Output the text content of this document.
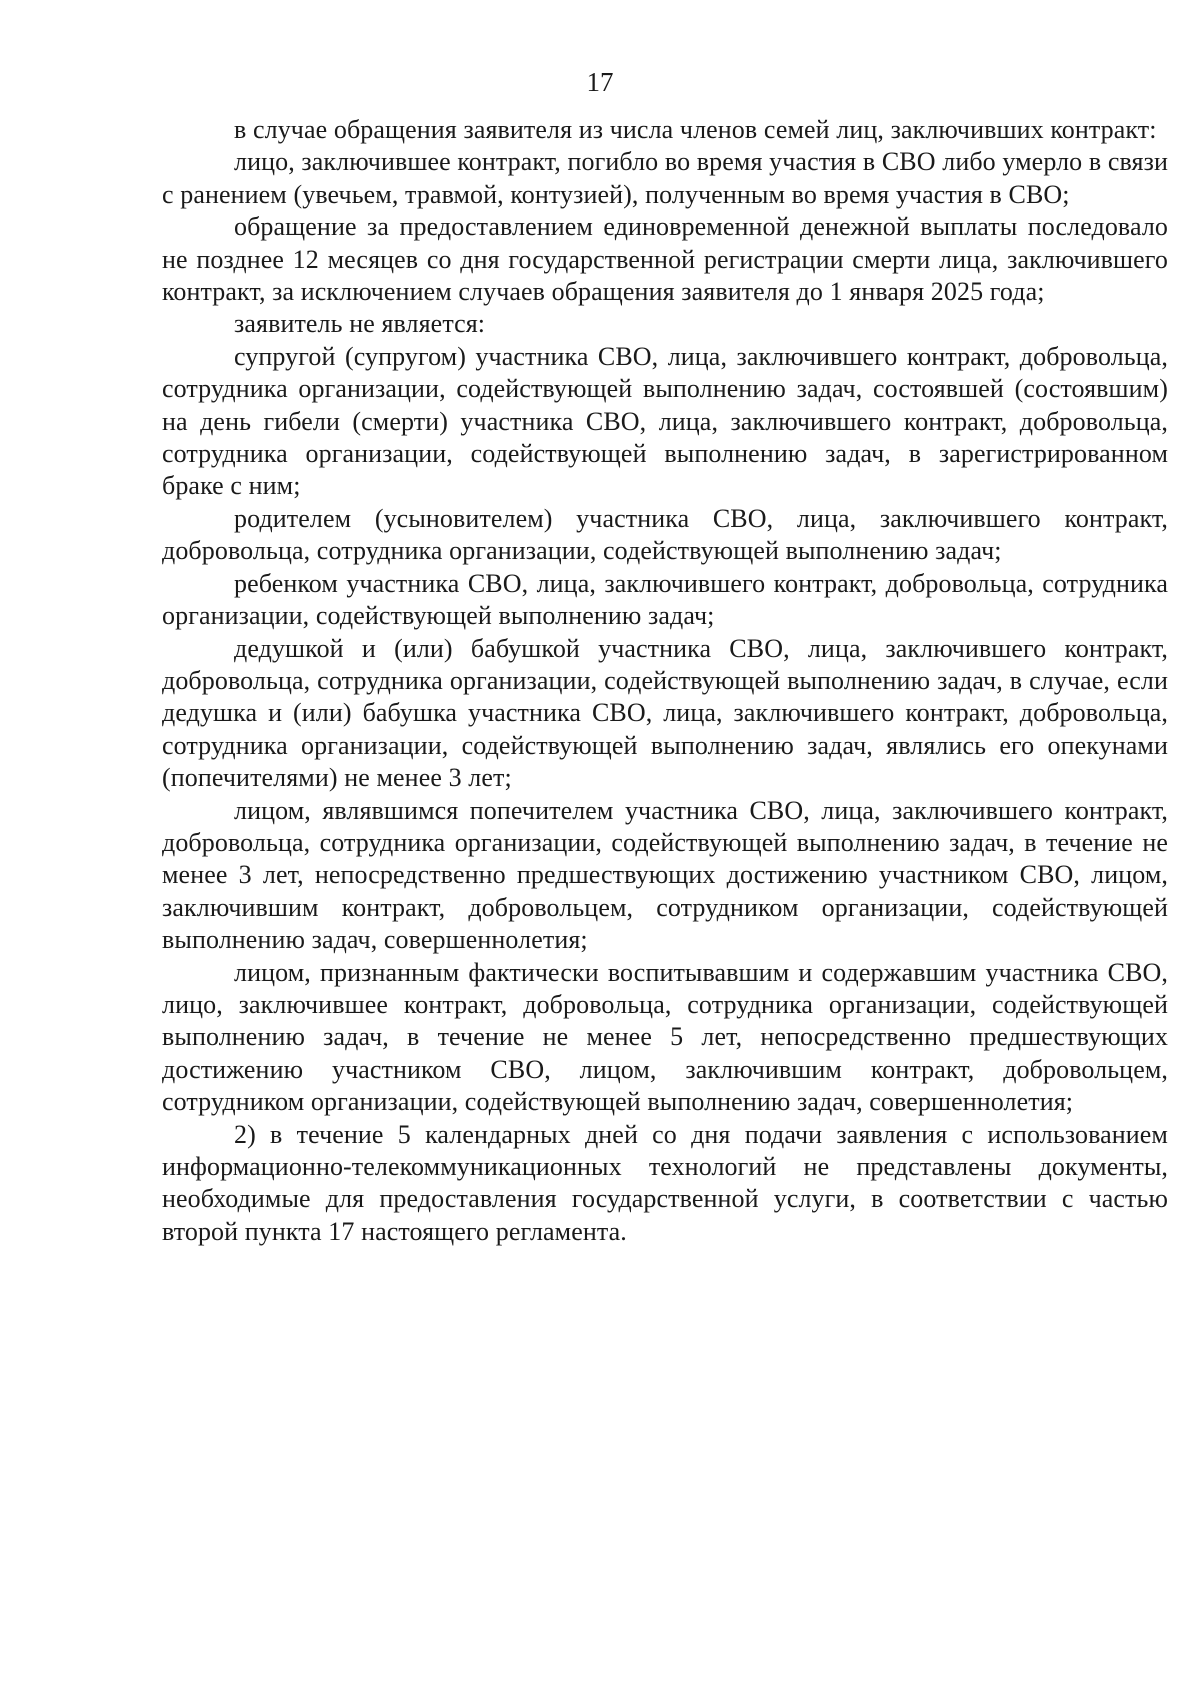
17

в случае обращения заявителя из числа членов семей лиц, заключивших контракт:

лицо, заключившее контракт, погибло во время участия в СВО либо умерло в связи с ранением (увечьем, травмой, контузией), полученным во время участия в СВО;

обращение за предоставлением единовременной денежной выплаты последовало не позднее 12 месяцев со дня государственной регистрации смерти лица, заключившего контракт, за исключением случаев обращения заявителя до 1 января 2025 года;

заявитель не является:

супругой (супругом) участника СВО, лица, заключившего контракт, добровольца, сотрудника организации, содействующей выполнению задач, состоявшей (состоявшим) на день гибели (смерти) участника СВО, лица, заключившего контракт, добровольца, сотрудника организации, содействующей выполнению задач, в зарегистрированном браке с ним;

родителем (усыновителем) участника СВО, лица, заключившего контракт, добровольца, сотрудника организации, содействующей выполнению задач;

ребенком участника СВО, лица, заключившего контракт, добровольца, сотрудника организации, содействующей выполнению задач;

дедушкой и (или) бабушкой участника СВО, лица, заключившего контракт, добровольца, сотрудника организации, содействующей выполнению задач, в случае, если дедушка и (или) бабушка участника СВО, лица, заключившего контракт, добровольца, сотрудника организации, содействующей выполнению задач, являлись его опекунами (попечителями) не менее 3 лет;

лицом, являвшимся попечителем участника СВО, лица, заключившего контракт, добровольца, сотрудника организации, содействующей выполнению задач, в течение не менее 3 лет, непосредственно предшествующих достижению участником СВО, лицом, заключившим контракт, добровольцем, сотрудником организации, содействующей выполнению задач, совершеннолетия;

лицом, признанным фактически воспитывавшим и содержавшим участника СВО, лицо, заключившее контракт, добровольца, сотрудника организации, содействующей выполнению задач, в течение не менее 5 лет, непосредственно предшествующих достижению участником СВО, лицом, заключившим контракт, добровольцем, сотрудником организации, содействующей выполнению задач, совершеннолетия;

2) в течение 5 календарных дней со дня подачи заявления с использованием информационно-телекоммуникационных технологий не представлены документы, необходимые для предоставления государственной услуги, в соответствии с частью второй пункта 17 настоящего регламента.
